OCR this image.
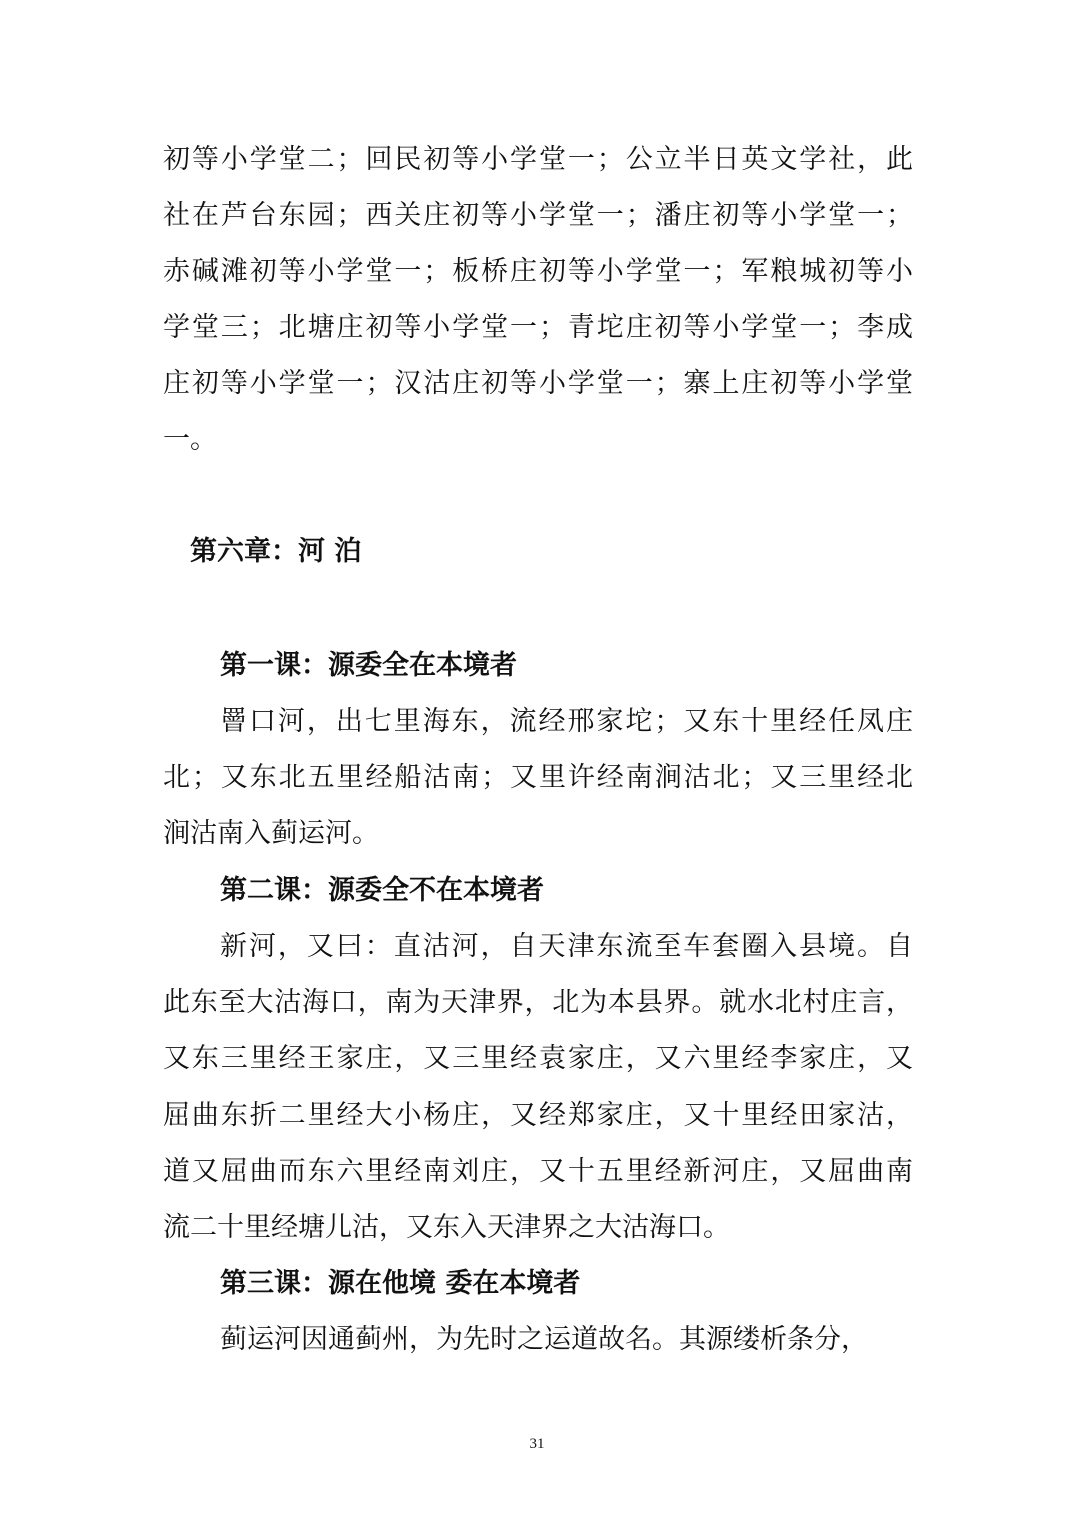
初等小学堂二；回民初等小学堂一；公立半日英文学社，此
社在芦台东园；西关庄初等小学堂一；潘庄初等小学堂一；
赤碱滩初等小学堂一；板桥庄初等小学堂一；军粮城初等小
学堂三；北塘庄初等小学堂一；青坨庄初等小学堂一；李成
庄初等小学堂一；汉沽庄初等小学堂一；寨上庄初等小学堂
一。
第六章：河 泊
第一课：源委全在本境者
罾口河，出七里海东，流经邢家坨；又东十里经任凤庄
北；又东北五里经船沽南；又里许经南涧沽北；又三里经北
涧沽南入蓟运河。
第二课：源委全不在本境者
新河，又曰：直沽河，自天津东流至车套圈入县境。自
此东至大沽海口，南为天津界，北为本县界。就水北村庄言，
又东三里经王家庄，又三里经袁家庄，又六里经李家庄，又
屈曲东折二里经大小杨庄，又经郑家庄，又十里经田家沽，
道又屈曲而东六里经南刘庄，又十五里经新河庄，又屈曲南
流二十里经塘儿沽，又东入天津界之大沽海口。
第三课：源在他境 委在本境者
蓟运河因通蓟州，为先时之运道故名。其源缕析条分，
31
